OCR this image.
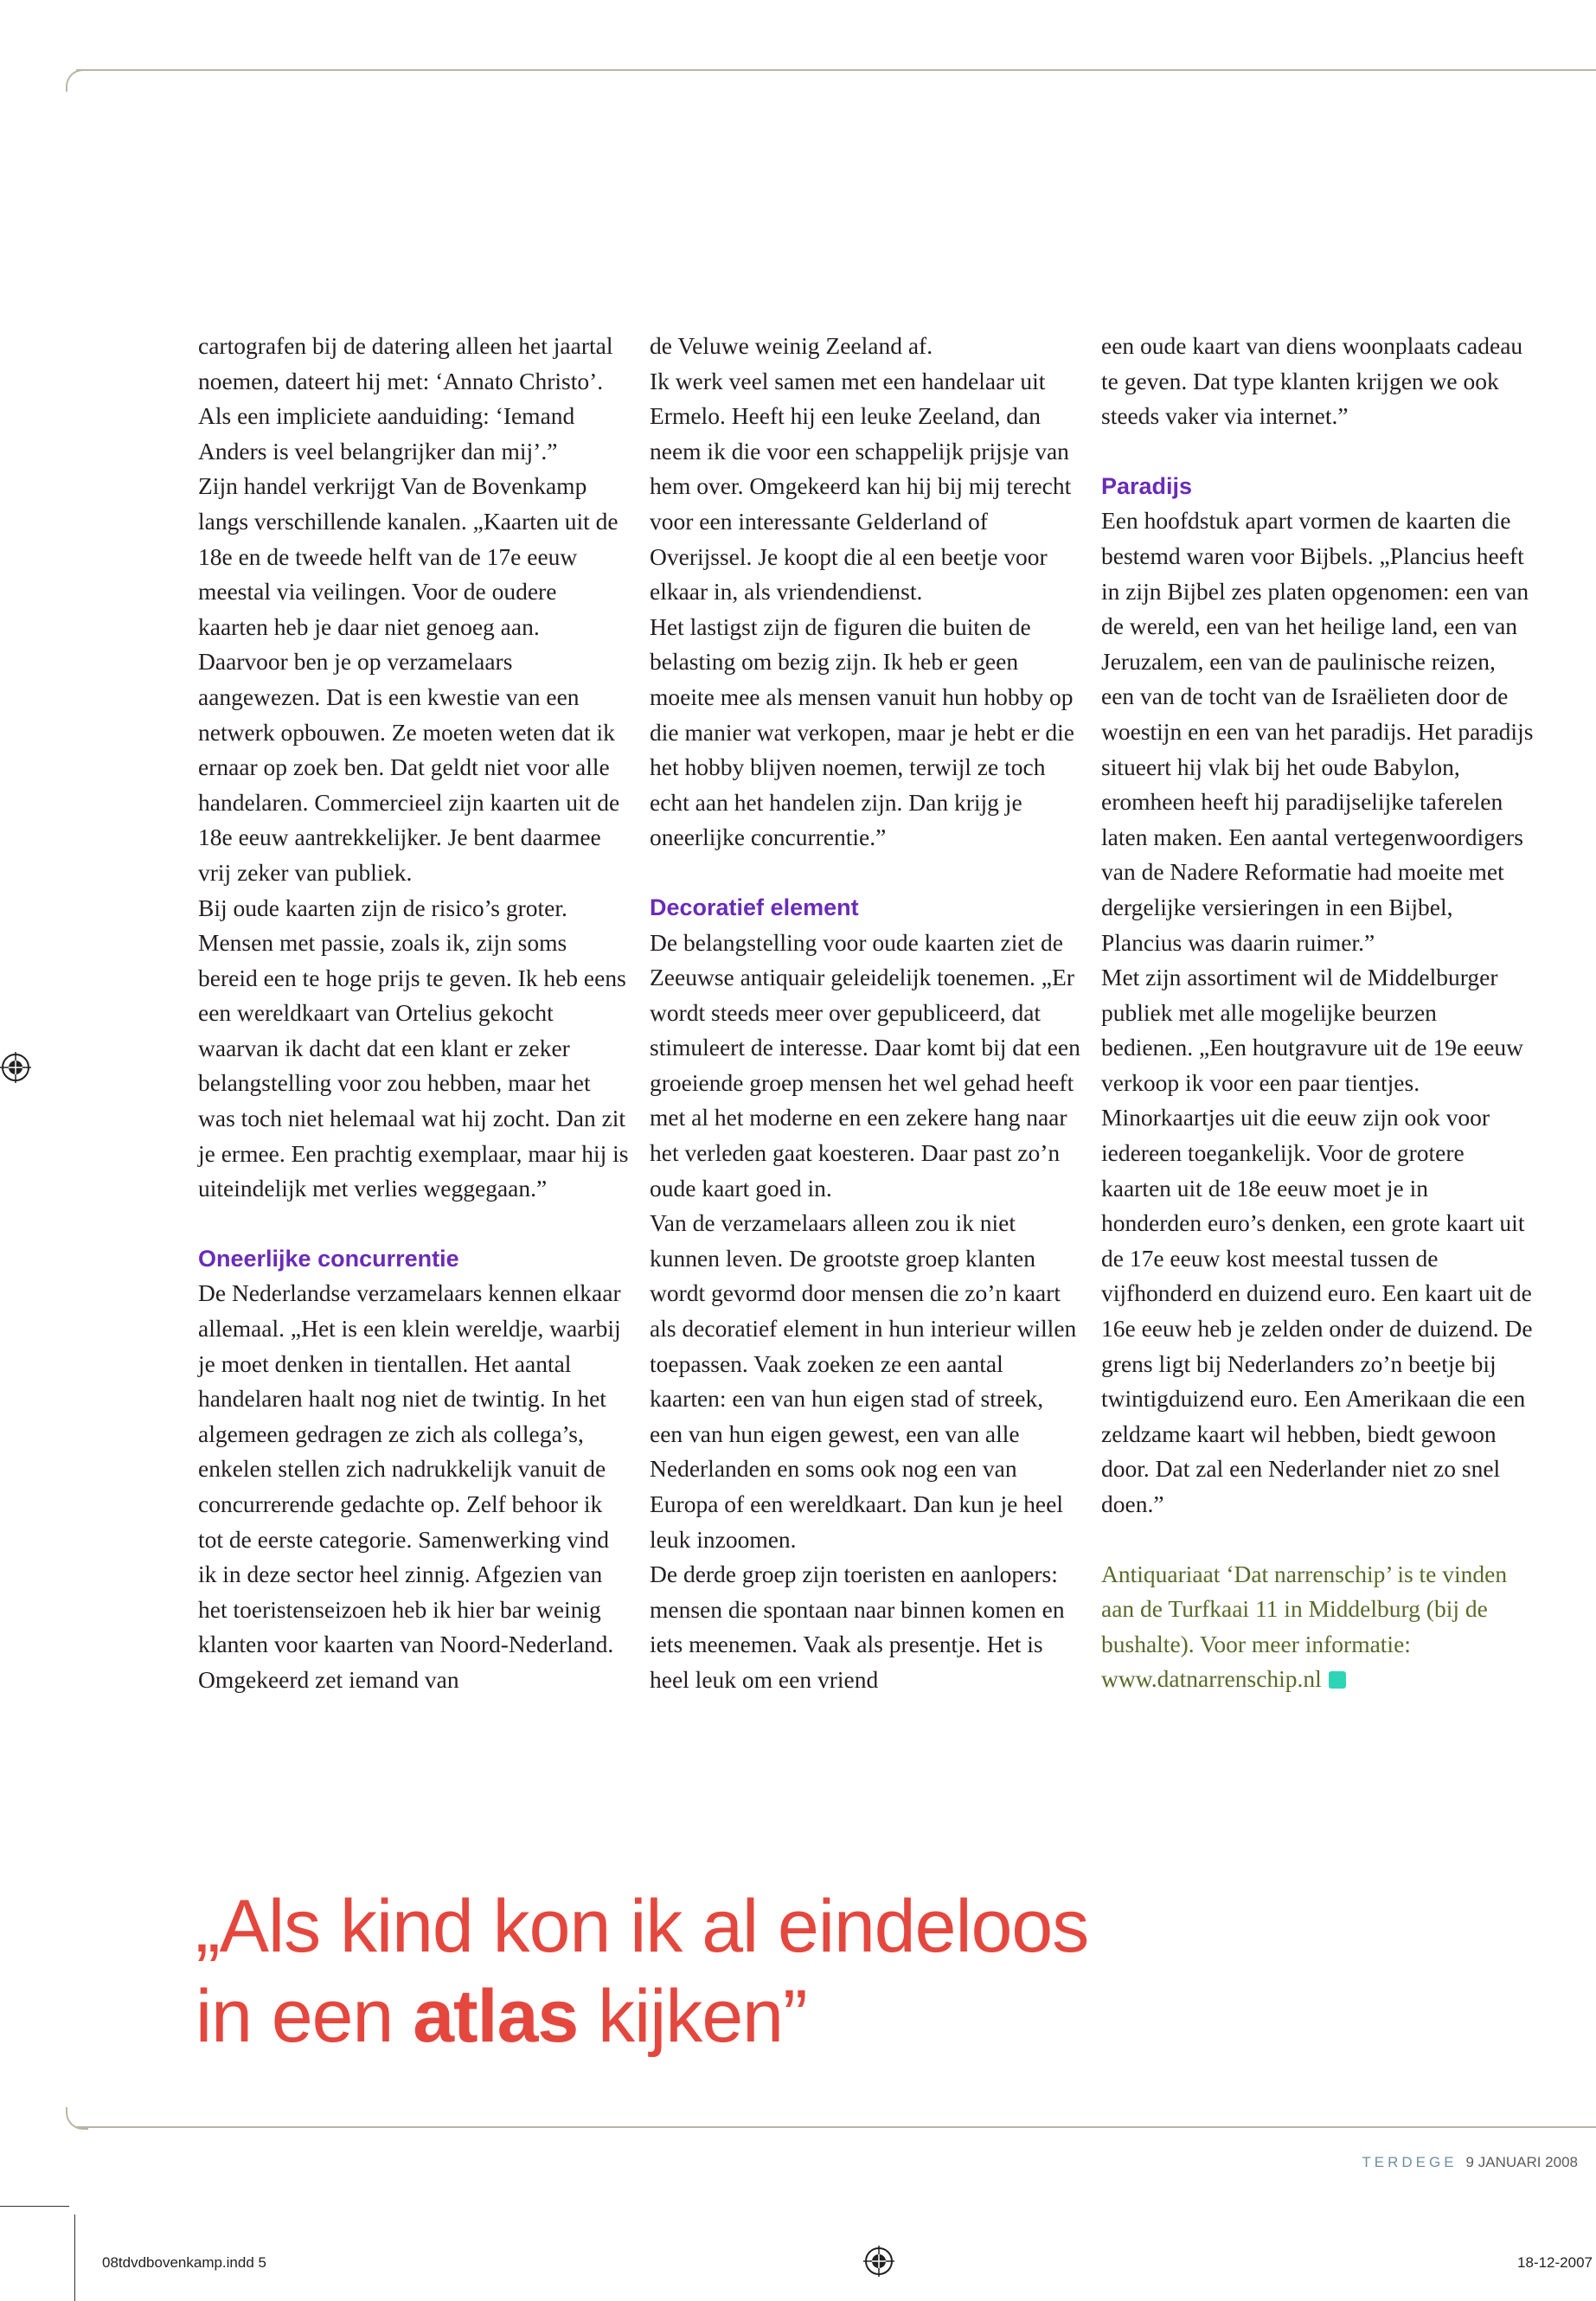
cartografen bij de datering alleen het jaartal noemen, dateert hij met: ‘Annato Christo’. Als een impliciete aanduiding: ‘Iemand Anders is veel belangrijker dan mij’.”

Zijn handel verkrijgt Van de Bovenkamp langs verschillende kanalen. „Kaarten uit de 18e en de tweede helft van de 17e eeuw meestal via veilingen. Voor de oudere kaarten heb je daar niet genoeg aan. Daarvoor ben je op verzamelaars aangewezen. Dat is een kwestie van een netwerk opbouwen. Ze moeten weten dat ik ernaar op zoek ben. Dat geldt niet voor alle handelaren. Commercieel zijn kaarten uit de 18e eeuw aantrekkelijker. Je bent daarmee vrij zeker van publiek.

Bij oude kaarten zijn de risico’s groter. Mensen met passie, zoals ik, zijn soms bereid een te hoge prijs te geven. Ik heb eens een wereldkaart van Ortelius gekocht waarvan ik dacht dat een klant er zeker belangstelling voor zou hebben, maar het was toch niet helemaal wat hij zocht. Dan zit je ermee. Een prachtig exemplaar, maar hij is uiteindelijk met verlies weggegaan.”

Oneerlijke concurrentie

De Nederlandse verzamelaars kennen elkaar allemaal. „Het is een klein wereldje, waarbij je moet denken in tientallen. Het aantal handelaren haalt nog niet de twintig. In het algemeen gedragen ze zich als collega’s, enkelen stellen zich nadrukkelijk vanuit de concurrerende gedachte op. Zelf behoor ik tot de eerste categorie. Samenwerking vind ik in deze sector heel zinnig. Afgezien van het toeristenseizoen heb ik hier bar weinig klanten voor kaarten van Noord-Nederland. Omgekeerd zet iemand van

de Veluwe weinig Zeeland af.

Ik werk veel samen met een handelaar uit Ermelo. Heeft hij een leuke Zeeland, dan neem ik die voor een schappelijk prijsje van hem over. Omgekeerd kan hij bij mij terecht voor een interessante Gelderland of Overijssel. Je koopt die al een beetje voor elkaar in, als vriendendienst.

Het lastigst zijn de figuren die buiten de belasting om bezig zijn. Ik heb er geen moeite mee als mensen vanuit hun hobby op die manier wat verkopen, maar je hebt er die het hobby blijven noemen, terwijl ze toch echt aan het handelen zijn. Dan krijg je oneerlijke concurrentie.”

Decoratief element

De belangstelling voor oude kaarten ziet de Zeeuwse antiquair geleidelijk toenemen. „Er wordt steeds meer over gepubliceerd, dat stimuleert de interesse. Daar komt bij dat een groeiende groep mensen het wel gehad heeft met al het moderne en een zekere hang naar het verleden gaat koesteren. Daar past zo’n oude kaart goed in.

Van de verzamelaars alleen zou ik niet kunnen leven. De grootste groep klanten wordt gevormd door mensen die zo’n kaart als decoratief element in hun interieur willen toepassen. Vaak zoeken ze een aantal kaarten: een van hun eigen stad of streek, een van hun eigen gewest, een van alle Nederlanden en soms ook nog een van Europa of een wereldkaart. Dan kun je heel leuk inzoomen.

De derde groep zijn toeristen en aanlopers: mensen die spontaan naar binnen komen en iets meenemen. Vaak als presentje. Het is heel leuk om een vriend

een oude kaart van diens woonplaats cadeau te geven. Dat type klanten krijgen we ook steeds vaker via internet.”

Paradijs

Een hoofdstuk apart vormen de kaarten die bestemd waren voor Bijbels. „Plancius heeft in zijn Bijbel zes platen opgenomen: een van de wereld, een van het heilige land, een van Jeruzalem, een van de paulinische reizen, een van de tocht van de Israëlieten door de woestijn en een van het paradijs. Het paradijs situeert hij vlak bij het oude Babylon, eromheen heeft hij paradijselijke taferelen laten maken. Een aantal vertegenwoordigers van de Nadere Reformatie had moeite met dergelijke versieringen in een Bijbel, Plancius was daarin ruimer.”

Met zijn assortiment wil de Middelburger publiek met alle mogelijke beurzen bedienen. „Een houtgravure uit de 19e eeuw verkoop ik voor een paar tientjes. Minorkaartjes uit die eeuw zijn ook voor iedereen toegankelijk. Voor de grotere kaarten uit de 18e eeuw moet je in honderden euro’s denken, een grote kaart uit de 17e eeuw kost meestal tussen de vijfhonderd en duizend euro. Een kaart uit de 16e eeuw heb je zelden onder de duizend. De grens ligt bij Nederlanders zo’n beetje bij twintigduizend euro. Een Amerikaan die een zeldzame kaart wil hebben, biedt gewoon door. Dat zal een Nederlander niet zo snel doen.”

Antiquariaat ‘Dat narrenschip’ is te vinden aan de Turfkaai 11 in Middelburg (bij de bushalte). Voor meer informatie: www.datnarrenschip.nl

„Als kind kon ik al eindeloos
in een atlas kijken”
TERDEGE 9 JANUARI 2008
08tdvdbovenkamp.indd 5	18-12-2007
